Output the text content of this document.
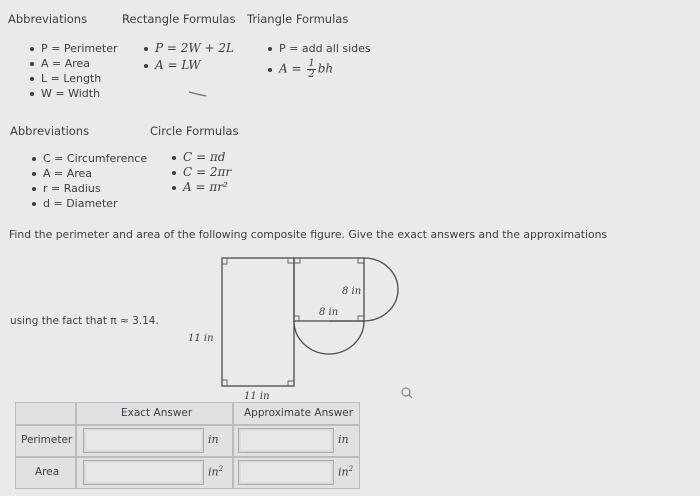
Abbreviations	Rectangle Formulas
P = Perimeter
A = Area
L = Length
W = Width
P = 2W + 2L
A = LW
Triangle Formulas
P = add all sides
$A = \frac{1}{2}$ bh
Abbreviations	Circle Formulas
C = Circumference
A = Area
r = Radius
d = Diameter
C = πd
C = 2πr
A = πr²
Find the perimeter and area of the following composite figure. Give the exact answers and the approximations
using the fact that π ≈ 3.14.
8 in
8 in
11 in
11 in
Exact Answer	Approximate Answer
Perimeter	in	in
Area	$in^2$	$in^2$
